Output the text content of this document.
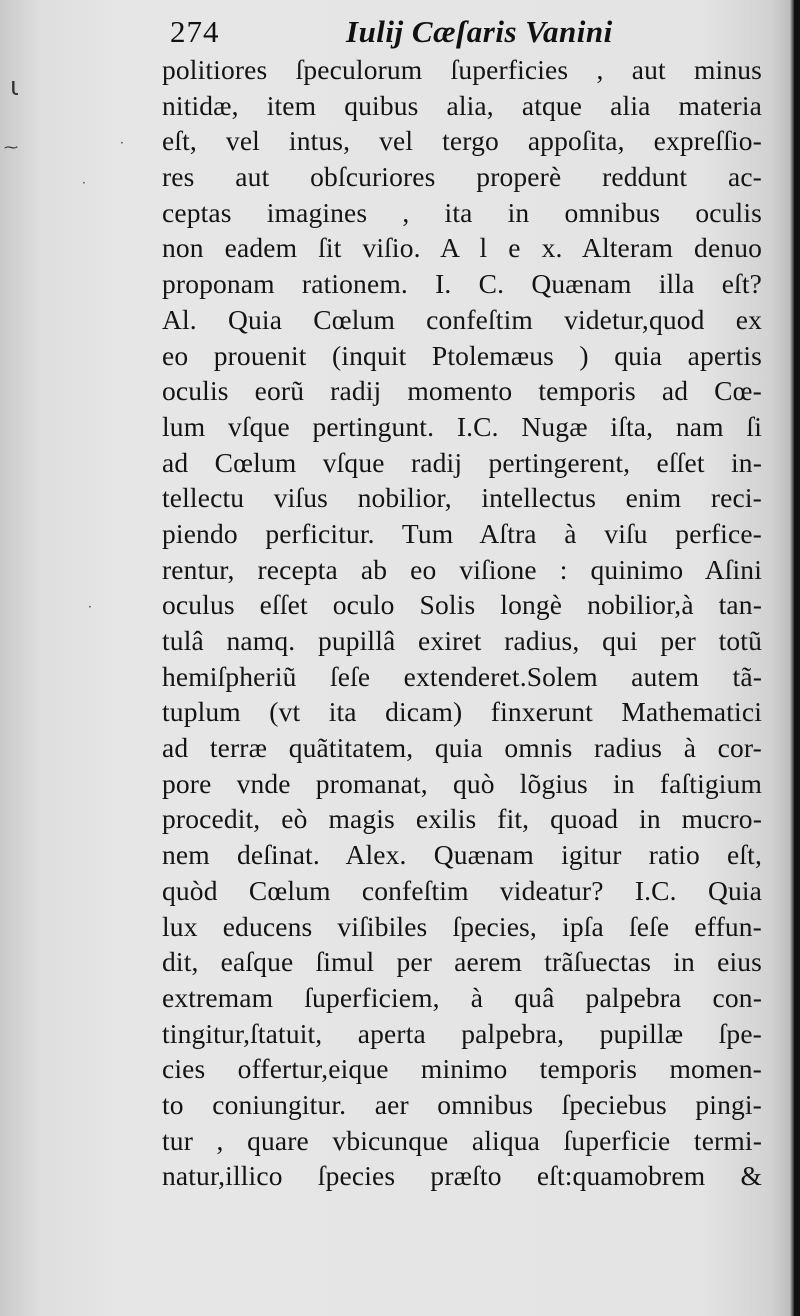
ɩ
⁓	·
·
·
274	Iulij Cæſaris Vanini
politiores ſpeculorum ſuperficies , aut minus
nitidæ, item quibus alia, atque alia materia
eſt, vel intus, vel tergo appoſita, expreſſio-
res aut obſcuriores properè reddunt ac-
ceptas imagines , ita in omnibus oculis
non eadem ſit viſio. A l e x. Alteram denuo
proponam rationem. I. C. Quænam illa eſt?
Al. Quia Cœlum confeſtim videtur,quod ex
eo prouenit (inquit Ptolemæus ) quia apertis
oculis eorũ radij momento temporis ad Cœ-
lum vſque pertingunt. I.C. Nugæ iſta, nam ſi
ad Cœlum vſque radij pertingerent, eſſet in-
tellectu viſus nobilior, intellectus enim reci-
piendo perficitur. Tum Aſtra à viſu perfice-
rentur, recepta ab eo viſione : quinimo Aſini
oculus eſſet oculo Solis longè nobilior,à tan-
tulâ namq. pupillâ exiret radius, qui per totũ
hemiſpheriũ ſeſe extenderet.Solem autem tã-
tuplum (vt ita dicam) finxerunt Mathematici
ad terræ quãtitatem, quia omnis radius à cor-
pore vnde promanat, quò lõgius in faſtigium
procedit, eò magis exilis fit, quoad in mucro-
nem deſinat. Alex. Quænam igitur ratio eſt,
quòd Cœlum confeſtim videatur? I.C. Quia
lux educens viſibiles ſpecies, ipſa ſeſe effun-
dit, eaſque ſimul per aerem trãſuectas in eius
extremam ſuperficiem, à quâ palpebra con-
tingitur,ſtatuit, aperta palpebra, pupillæ ſpe-
cies offertur,eique minimo temporis momen-
to coniungitur. aer omnibus ſpeciebus pingi-
tur , quare vbicunque aliqua ſuperficie termi-
natur,illico ſpecies præſto eſt:quamobrem &
